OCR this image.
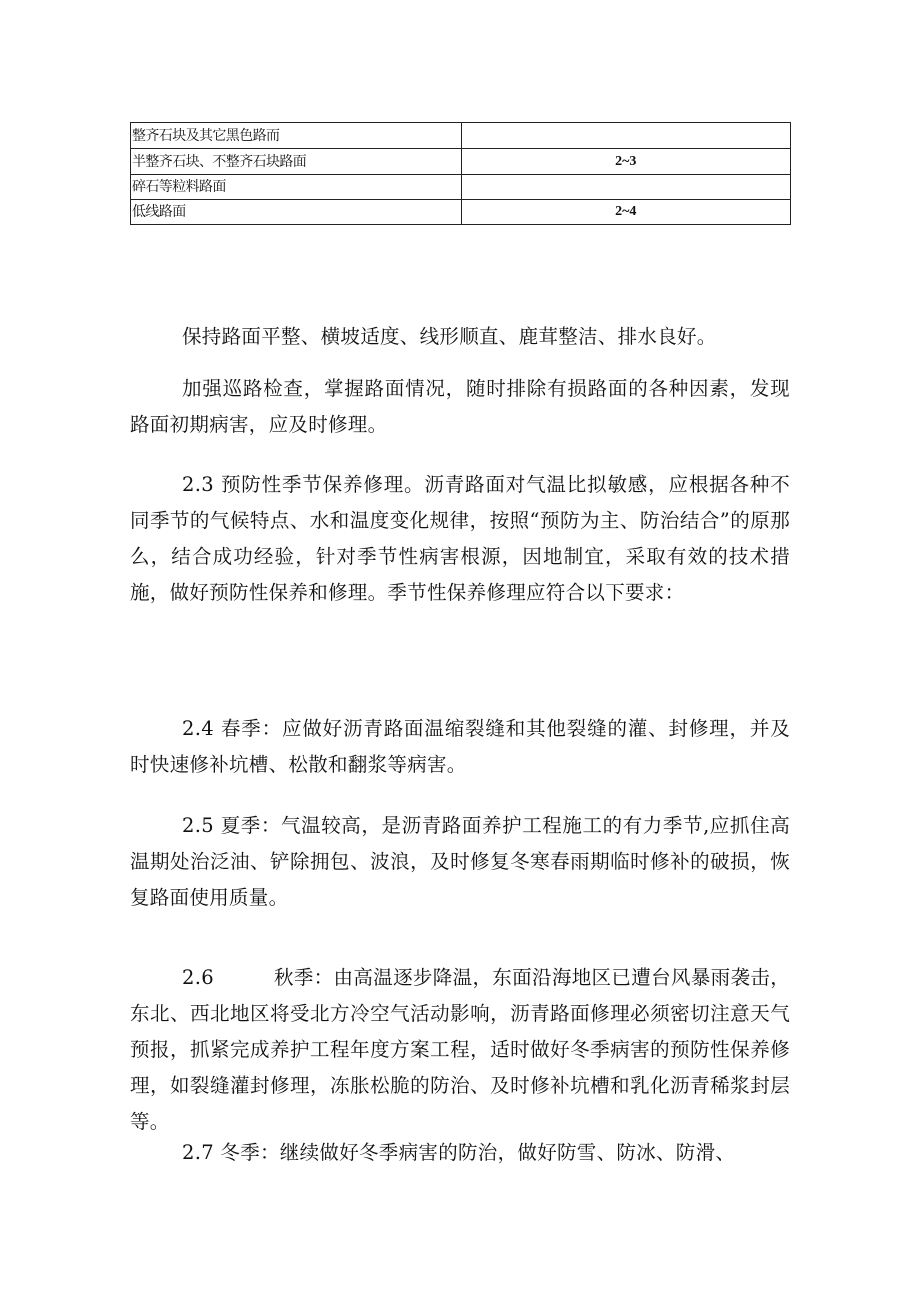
整齐石块及其它黑色路而	
半整齐石块、不整齐石块路面	2~3
碎石等粒料路面	
低线路面	2~4

保持路面平整、横坡适度、线形顺直、鹿茸整洁、排水良好。

加强巡路检查，掌握路面情况，随时排除有损路面的各种因素，发现路面初期病害，应及时修理。

2.3 预防性季节保养修理。沥青路面对气温比拟敏感，应根据各种不同季节的气候特点、水和温度变化规律，按照“预防为主、防治结合”的原那么，结合成功经验，针对季节性病害根源，因地制宜，采取有效的技术措施，做好预防性保养和修理。季节性保养修理应符合以下要求：

2.4 春季：应做好沥青路面温缩裂缝和其他裂缝的灌、封修理，并及时快速修补坑槽、松散和翻浆等病害。

2.5 夏季：气温较高，是沥青路面养护工程施工的有力季节,应抓住高温期处治泛油、铲除拥包、波浪，及时修复冬寒春雨期临时修补的破损，恢复路面使用质量。

2.6	秋季：由高温逐步降温，东面沿海地区已遭台风暴雨袭击，东北、西北地区将受北方冷空气活动影响，沥青路面修理必须密切注意天气预报，抓紧完成养护工程年度方案工程，适时做好冬季病害的预防性保养修理，如裂缝灌封修理，冻胀松脆的防治、及时修补坑槽和乳化沥青稀浆封层等。

2.7 冬季：继续做好冬季病害的防治，做好防雪、防冰、防滑、
